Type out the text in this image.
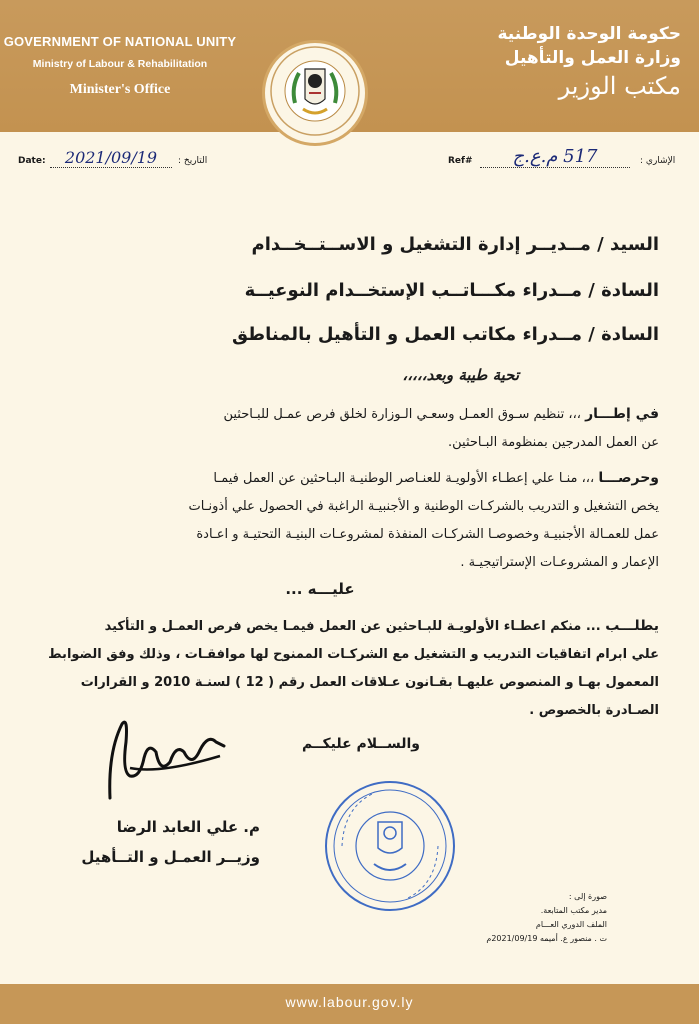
GOVERNMENT OF NATIONAL UNITY
Ministry of Labour & Rehabilitation
Minister's Office
حكومة الوحدة الوطنية
وزارة العمل والتأهيل
مكتب الوزير
Date:	2021/09/19	التاريخ :	Ref#	517 م.ع.ج	الإشاري :
السيد / مــديــر إدارة التشغيل و الاســتــخــدام
السادة / مــدراء مكـــاتــب الإستخــدام النوعيــة
السادة / مــدراء مكاتب العمل و التأهيل بالمناطق
تحية طيبة وبعد،،،،،
في إطـــار ،،، تنظيم سـوق العمـل وسعـي الـوزارة لخلق فرص عمـل للبـاحثين
عن العمل المدرجين بمنظومة البـاحثين.
وحرصـــا ،،، منـا علي إعطـاء الأولويـة للعنـاصر الوطنيـة البـاحثين عن العمل فيمـا
يخص التشغيل و التدريب بالشركـات الوطنية و الأجنبيـة الراغبة في الحصول علي أذونـات
عمل للعمـالة الأجنبيـة وخصوصـا الشركـات المنفذة لمشروعـات البنيـة التحتيـة و اعـادة
الإعمار و المشروعـات الإستراتيجيـة .
عليـــه ...
يطلـــب ... منكم اعطـاء الأولويـة للبـاحثين عن العمل فيمـا يخص فرص العمـل و التأكيد
علي ابرام اتفاقيات التدريب و التشغيل مع الشركـات الممنوح لها موافقـات ، وذلك وفق الضوابط
المعمول بهـا و المنصوص عليهـا بقـانون عـلاقات العمل رقم ( 12 ) لسنـة 2010 و القرارات
الصـادرة بالخصوص .
والســلام عليكــم
م. علي العابد الرضا
وزيــر العمـل و التــأهيل
صورة إلى :
مدير مكتب المتابعة.
الملف الدوري العـــام
ت . منصور ع. أميمه 2021/09/19م
www.labour.gov.ly
